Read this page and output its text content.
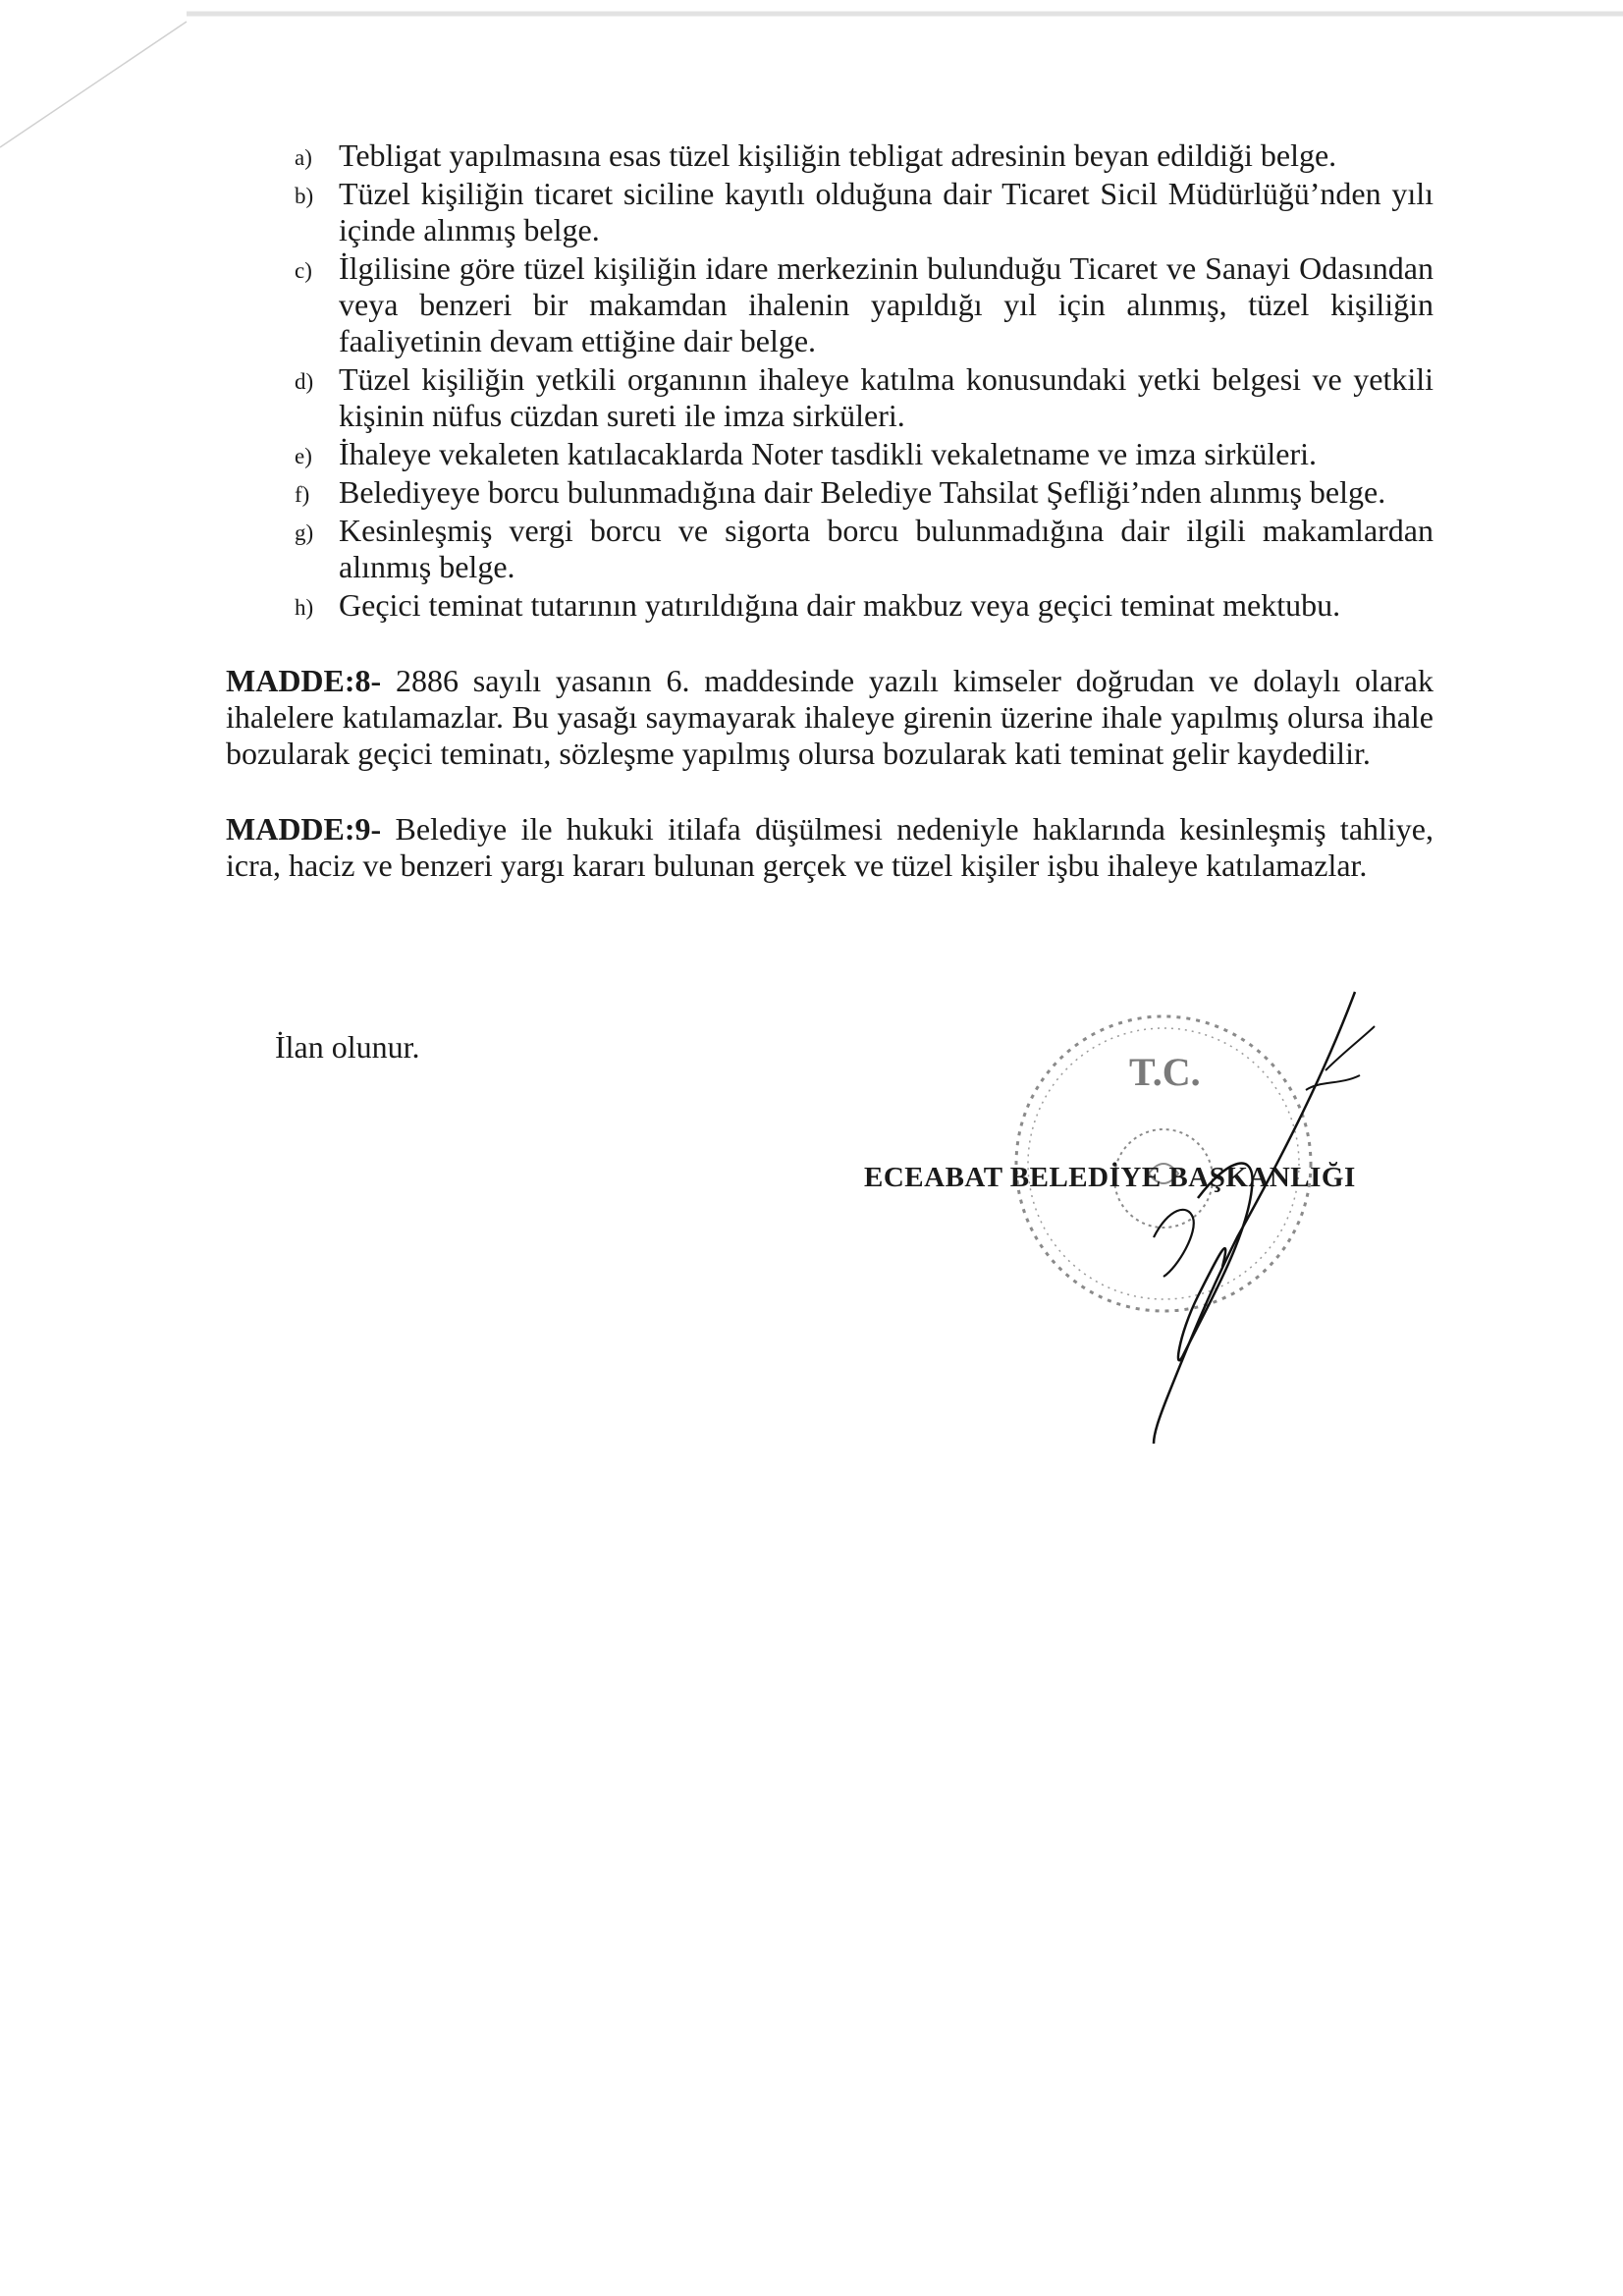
a) Tebligat yapılmasına esas tüzel kişiliğin tebligat adresinin beyan edildiği belge.
b) Tüzel kişiliğin ticaret siciline kayıtlı olduğuna dair Ticaret Sicil Müdürlüğü’nden yılı içinde alınmış belge.
c) İlgilisine göre tüzel kişiliğin idare merkezinin bulunduğu Ticaret ve Sanayi Odasından veya benzeri bir makamdan ihalenin yapıldığı yıl için alınmış, tüzel kişiliğin faaliyetinin devam ettiğine dair belge.
d) Tüzel kişiliğin yetkili organının ihaleye katılma konusundaki yetki belgesi ve yetkili kişinin nüfus cüzdan sureti ile imza sirküleri.
e) İhaleye vekaleten katılacaklarda Noter tasdikli vekaletname ve imza sirküleri.
f) Belediyeye borcu bulunmadığına dair Belediye Tahsilat Şefliği’nden alınmış belge.
g) Kesinleşmiş vergi borcu ve sigorta borcu bulunmadığına dair ilgili makamlardan alınmış belge.
h) Geçici teminat tutarının yatırıldığına dair makbuz veya geçici teminat mektubu.

MADDE:8- 2886 sayılı yasanın 6. maddesinde yazılı kimseler doğrudan ve dolaylı olarak ihalelere katılamazlar. Bu yasağı saymayarak ihaleye girenin üzerine ihale yapılmış olursa ihale bozularak geçici teminatı, sözleşme yapılmış olursa bozularak kati teminat gelir kaydedilir.

MADDE:9- Belediye ile hukuki itilafa düşülmesi nedeniyle haklarında kesinleşmiş tahliye, icra, haciz ve benzeri yargı kararı bulunan gerçek ve tüzel kişiler işbu ihaleye katılamazlar.

İlan olunur.
T.C.
ECEABAT BELEDİYE BAŞKANLIĞI
